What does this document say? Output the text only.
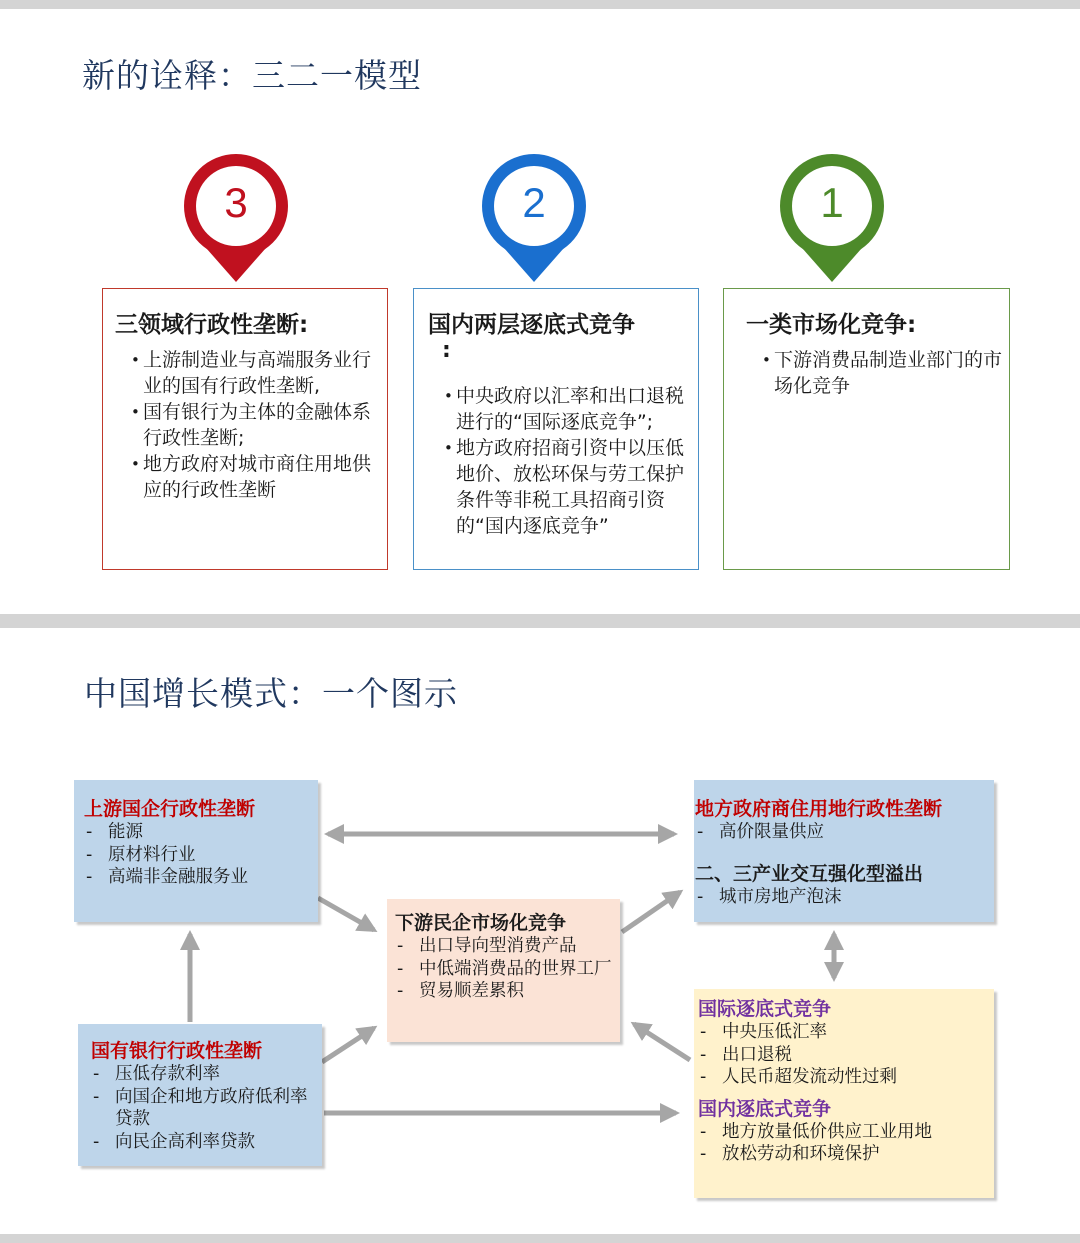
新的诠释：三二一模型
3	2	1
三领域行政性垄断:
• 上游制造业与高端服务业行业的国有行政性垄断,
• 国有银行为主体的金融体系行政性垄断;
• 地方政府对城市商住用地供应的行政性垄断
国内两层逐底式竞争
:
• 中央政府以汇率和出口退税进行的“国际逐底竞争”;
• 地方政府招商引资中以压低地价、放松环保与劳工保护条件等非税工具招商引资的“国内逐底竞争”
一类市场化竞争:
• 下游消费品制造业部门的市场化竞争
中国增长模式：一个图示
上游国企行政性垄断
- 能源
- 原材料行业
- 高端非金融服务业
国有银行行政性垄断
- 压低存款利率
- 向国企和地方政府低利率贷款
- 向民企高利率贷款
下游民企市场化竞争
- 出口导向型消费产品
- 中低端消费品的世界工厂
- 贸易顺差累积
地方政府商住用地行政性垄断
- 高价限量供应
二、三产业交互强化型溢出
- 城市房地产泡沫
国际逐底式竞争
- 中央压低汇率
- 出口退税
- 人民币超发流动性过剩
国内逐底式竞争
- 地方放量低价供应工业用地
- 放松劳动和环境保护
